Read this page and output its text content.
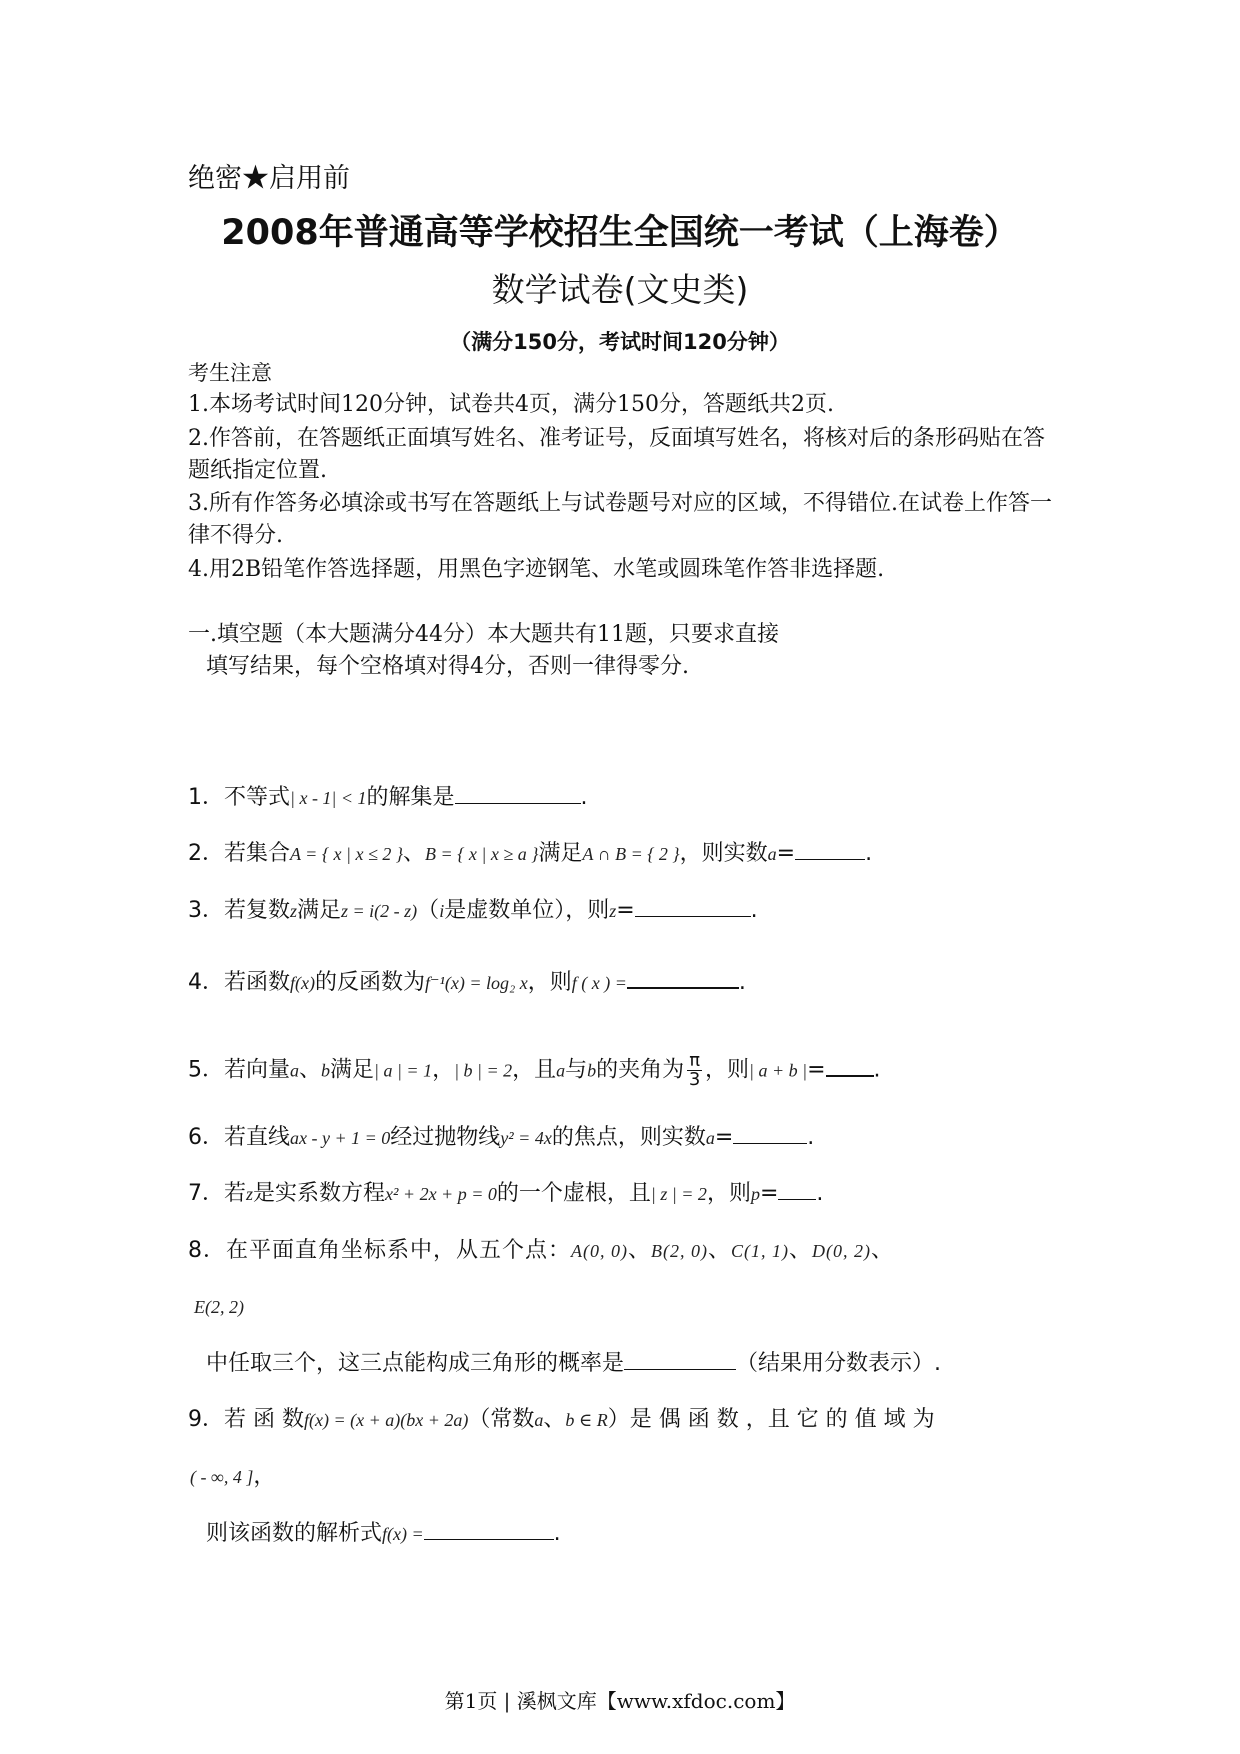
绝密★启用前
2008年普通高等学校招生全国统一考试（上海卷）
数学试卷(文史类)
（满分150分，考试时间120分钟）
考生注意
1.本场考试时间120分钟，试卷共4页，满分150分，答题纸共2页.
2.作答前，在答题纸正面填写姓名、准考证号，反面填写姓名，将核对后的条形码贴在答
题纸指定位置.
3.所有作答务必填涂或书写在答题纸上与试卷题号对应的区域，不得错位.在试卷上作答一
律不得分.
4.用2B铅笔作答选择题，用黑色字迹钢笔、水笔或圆珠笔作答非选择题.
一.填空题（本大题满分44分）本大题共有11题，只要求直接
填写结果，每个空格填对得4分，否则一律得零分.
1．不等式| x - 1| < 1的解集是	.
2．若集合A = { x | x ≤ 2 }、B = { x | x ≥ a }满足A ∩ B = { 2 }，则实数a=	.
3．若复数z满足z = i(2 - z)（i是虚数单位），则z=	.
4．若函数f(x)的反函数为f⁻¹(x) = log₂ x，则f ( x ) =	.
5．若向量a、b满足| a | = 1，| b | = 2，且a与b的夹角为 $\frac{\pi}{3}$ ，则| a + b |= .
6．若直线ax - y + 1 = 0经过抛物线y² = 4x的焦点，则实数a=	.
7．若z是实系数方程x² + 2x + p = 0的一个虚根，且| z | = 2，则p= .
8．在平面直角坐标系中，从五个点：A(0, 0)、B(2, 0)、C(1, 1)、D(0, 2)、
E(2, 2)
中任取三个，这三点能构成三角形的概率是	（结果用分数表示）.
9．若 函 数f(x) = (x + a)(bx + 2a)（常数a、b ∈ R）是 偶 函 数 ，且 它 的 值 域 为
( - ∞, 4 ]，
则该函数的解析式f(x) =	.
第1页 | 溪枫文库【www.xfdoc.com】
